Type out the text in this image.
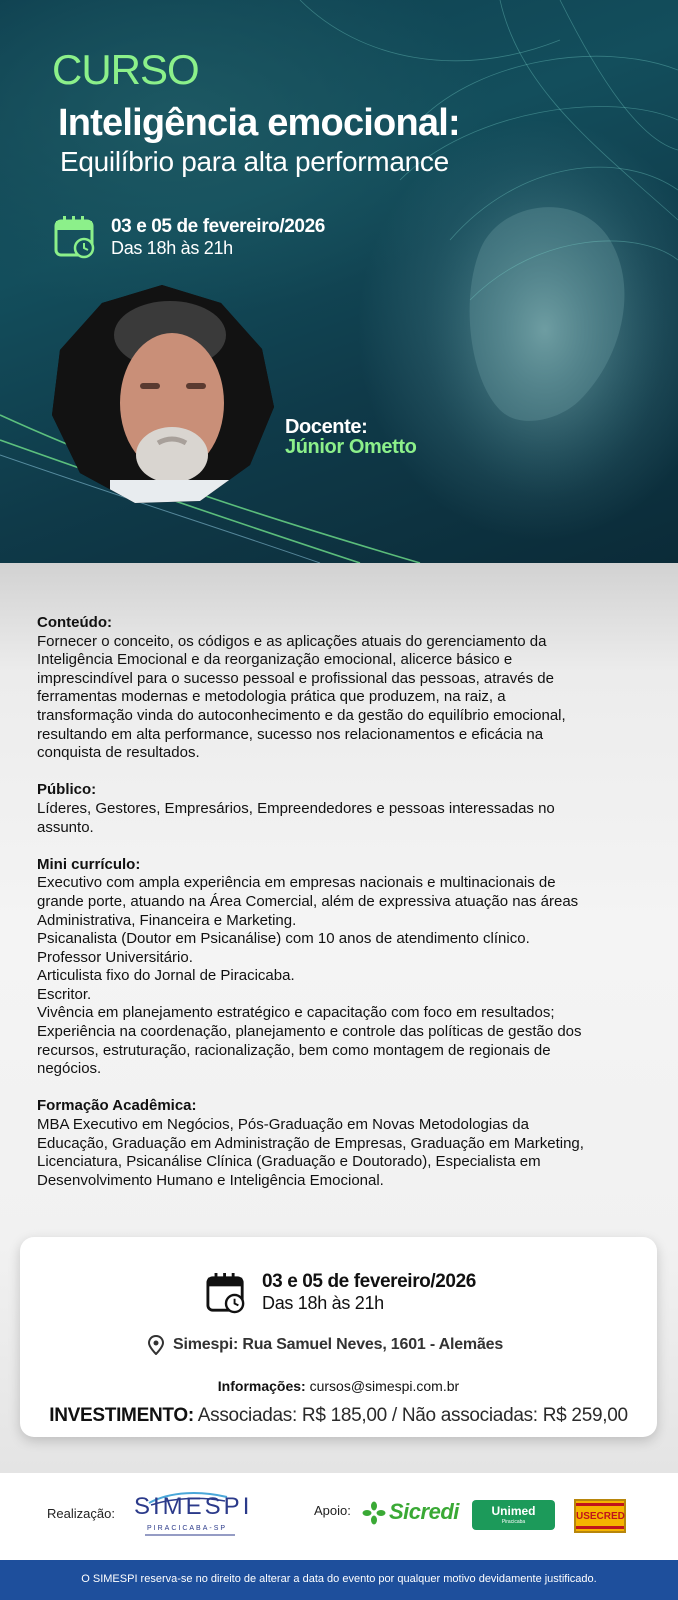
CURSO
Inteligência emocional:
Equilíbrio para alta performance
03 e 05 de fevereiro/2026
Das 18h às 21h
Docente:
Júnior Ometto
Conteúdo:
Fornecer o conceito, os códigos e as aplicações atuais do gerenciamento da
Inteligência Emocional e da reorganização emocional, alicerce básico e
imprescindível para o sucesso pessoal e profissional das pessoas, através de
ferramentas modernas e metodologia prática que produzem, na raiz, a
transformação vinda do autoconhecimento e da gestão do equilíbrio emocional,
resultando em alta performance, sucesso nos relacionamentos e eficácia na
conquista de resultados.
Público:
Líderes, Gestores, Empresários, Empreendedores e pessoas interessadas no
assunto.
Mini currículo:
Executivo com ampla experiência em empresas nacionais e multinacionais de
grande porte, atuando na Área Comercial, além de expressiva atuação nas áreas
Administrativa, Financeira e Marketing.
Psicanalista (Doutor em Psicanálise) com 10 anos de atendimento clínico.
Professor Universitário.
Articulista fixo do Jornal de Piracicaba.
Escritor.
Vivência em planejamento estratégico e capacitação com foco em resultados;
Experiência na coordenação, planejamento e controle das políticas de gestão dos
recursos, estruturação, racionalização, bem como montagem de regionais de
negócios.
Formação Acadêmica:
MBA Executivo em Negócios, Pós-Graduação em Novas Metodologias da
Educação, Graduação em Administração de Empresas, Graduação em Marketing,
Licenciatura, Psicanálise Clínica (Graduação e Doutorado), Especialista em
Desenvolvimento Humano e Inteligência Emocional.
03 e 05 de fevereiro/2026
Das 18h às 21h
Simespi: Rua Samuel Neves, 1601 - Alemães
Informações: cursos@simespi.com.br
INVESTIMENTO: Associadas: R$ 185,00 / Não associadas: R$ 259,00
Realização: SIMESPI
PIRACICABA-SP
Apoio: Sicredi	Unimed
Piracicaba	USECRED
O SIMESPI reserva-se no direito de alterar a data do evento por qualquer motivo devidamente justificado.
